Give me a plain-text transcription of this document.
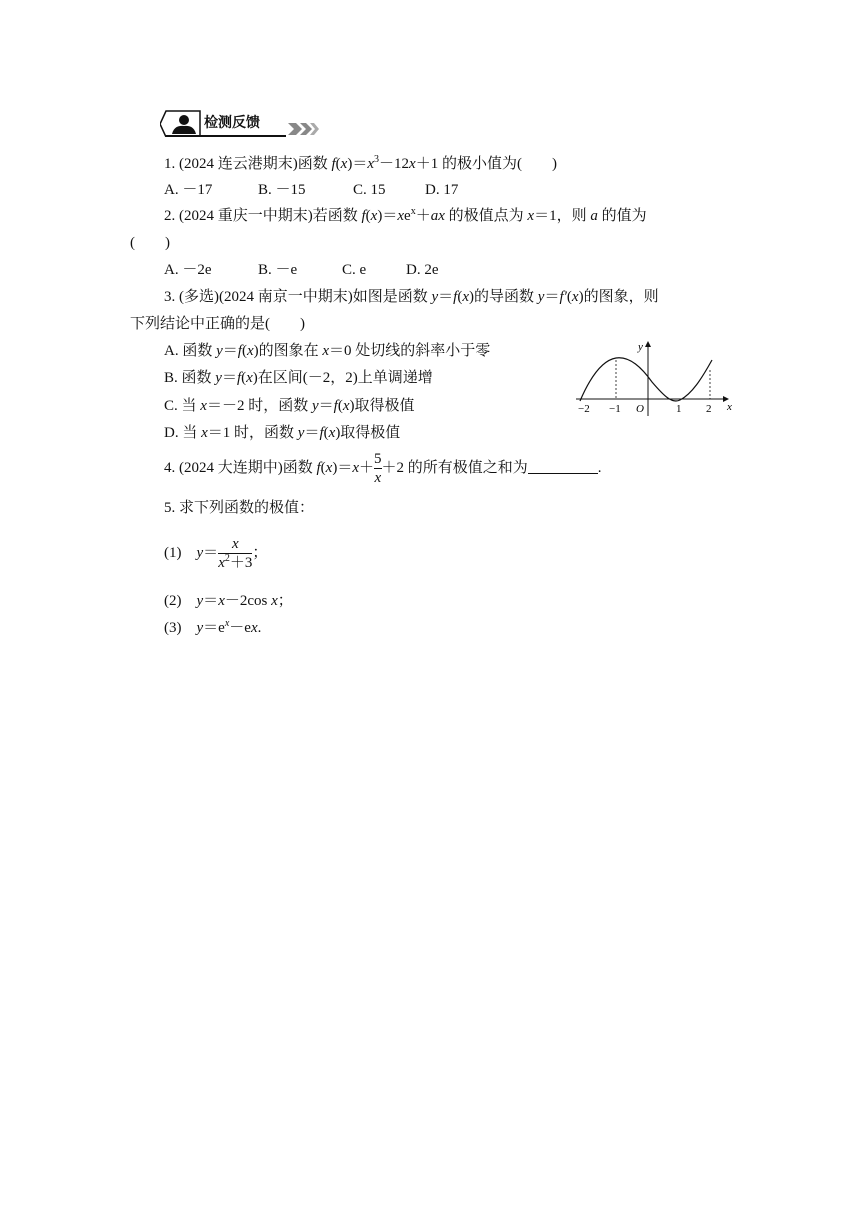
检测反馈
1. (2024 连云港期末)函数 $f(x)=x^3-12x+1$ 的极小值为(　　)
A. －17	B. －15	C. 15	D. 17
2. (2024 重庆一中期末)若函数 $f(x)=xe^x+ax$ 的极值点为 x＝1，则 a 的值为
(　　)
A. －2e	B. －e	C. e	D. 2e
3. (多选)(2024 南京一中期末)如图是函数 y＝f(x)的导函数 y＝f′(x)的图象，则
下列结论中正确的是(　　)
A. 函数 y＝f(x)的图象在 x＝0 处切线的斜率小于零
B. 函数 y＝f(x)在区间(－2，2)上单调递增
C. 当 x＝－2 时，函数 y＝f(x)取得极值
D. 当 x＝1 时，函数 y＝f(x)取得极值
y
x
O
−2 −1	1 2
4. (2024 大连期中)函数 $f(x)=x+ \frac{5}{x} +2$ 的所有极值之和为	.
5. 求下列函数的极值：
(1) $y= \frac{x}{x^2+3}$ ；
(2) y＝x－2cos x；
(3) $y=e^x-ex$.
